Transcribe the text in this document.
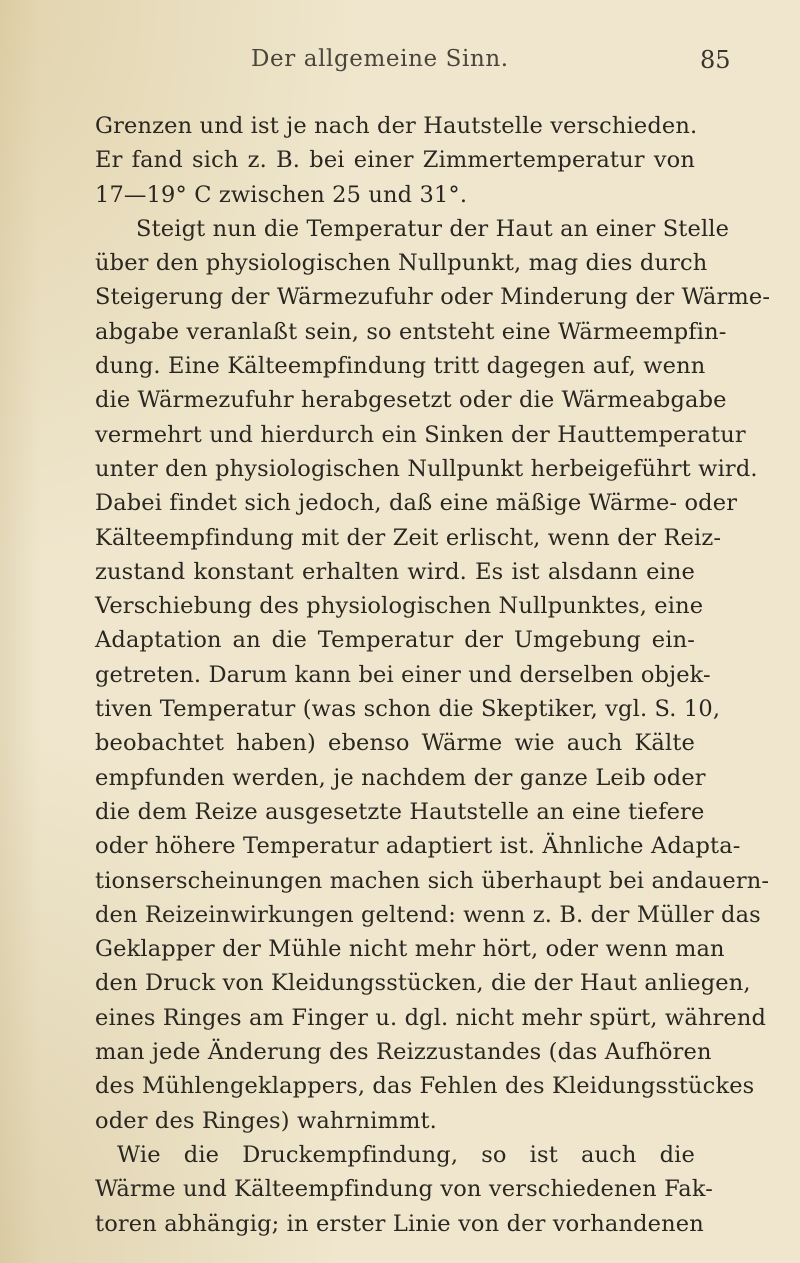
Der allgemeine Sinn.	85
Grenzen und ist je nach der Hautstelle verschieden.
Er fand sich z. B. bei einer Zimmertemperatur von
17—19° C zwischen 25 und 31°.
Steigt nun die Temperatur der Haut an einer Stelle
über den physiologischen Nullpunkt, mag dies durch
Steigerung der Wärmezufuhr oder Minderung der Wärme-
abgabe veranlaßt sein, so entsteht eine Wärmeempfin-
dung. Eine Kälteempfindung tritt dagegen auf, wenn
die Wärmezufuhr herabgesetzt oder die Wärmeabgabe
vermehrt und hierdurch ein Sinken der Hauttemperatur
unter den physiologischen Nullpunkt herbeigeführt wird.
Dabei findet sich jedoch, daß eine mäßige Wärme- oder
Kälteempfindung mit der Zeit erlischt, wenn der Reiz-
zustand konstant erhalten wird. Es ist alsdann eine
Verschiebung des physiologischen Nullpunktes, eine
Adaptation an die Temperatur der Umgebung ein-
getreten. Darum kann bei einer und derselben objek-
tiven Temperatur (was schon die Skeptiker, vgl. S. 10,
beobachtet haben) ebenso Wärme wie auch Kälte
empfunden werden, je nachdem der ganze Leib oder
die dem Reize ausgesetzte Hautstelle an eine tiefere
oder höhere Temperatur adaptiert ist. Ähnliche Adapta-
tionserscheinungen machen sich überhaupt bei andauern-
den Reizeinwirkungen geltend: wenn z. B. der Müller das
Geklapper der Mühle nicht mehr hört, oder wenn man
den Druck von Kleidungsstücken, die der Haut anliegen,
eines Ringes am Finger u. dgl. nicht mehr spürt, während
man jede Änderung des Reizzustandes (das Aufhören
des Mühlengeklappers, das Fehlen des Kleidungsstückes
oder des Ringes) wahrnimmt.
Wie die Druckempfindung, so ist auch die
Wärme und Kälteempfindung von verschiedenen Fak-
toren abhängig; in erster Linie von der vorhandenen
